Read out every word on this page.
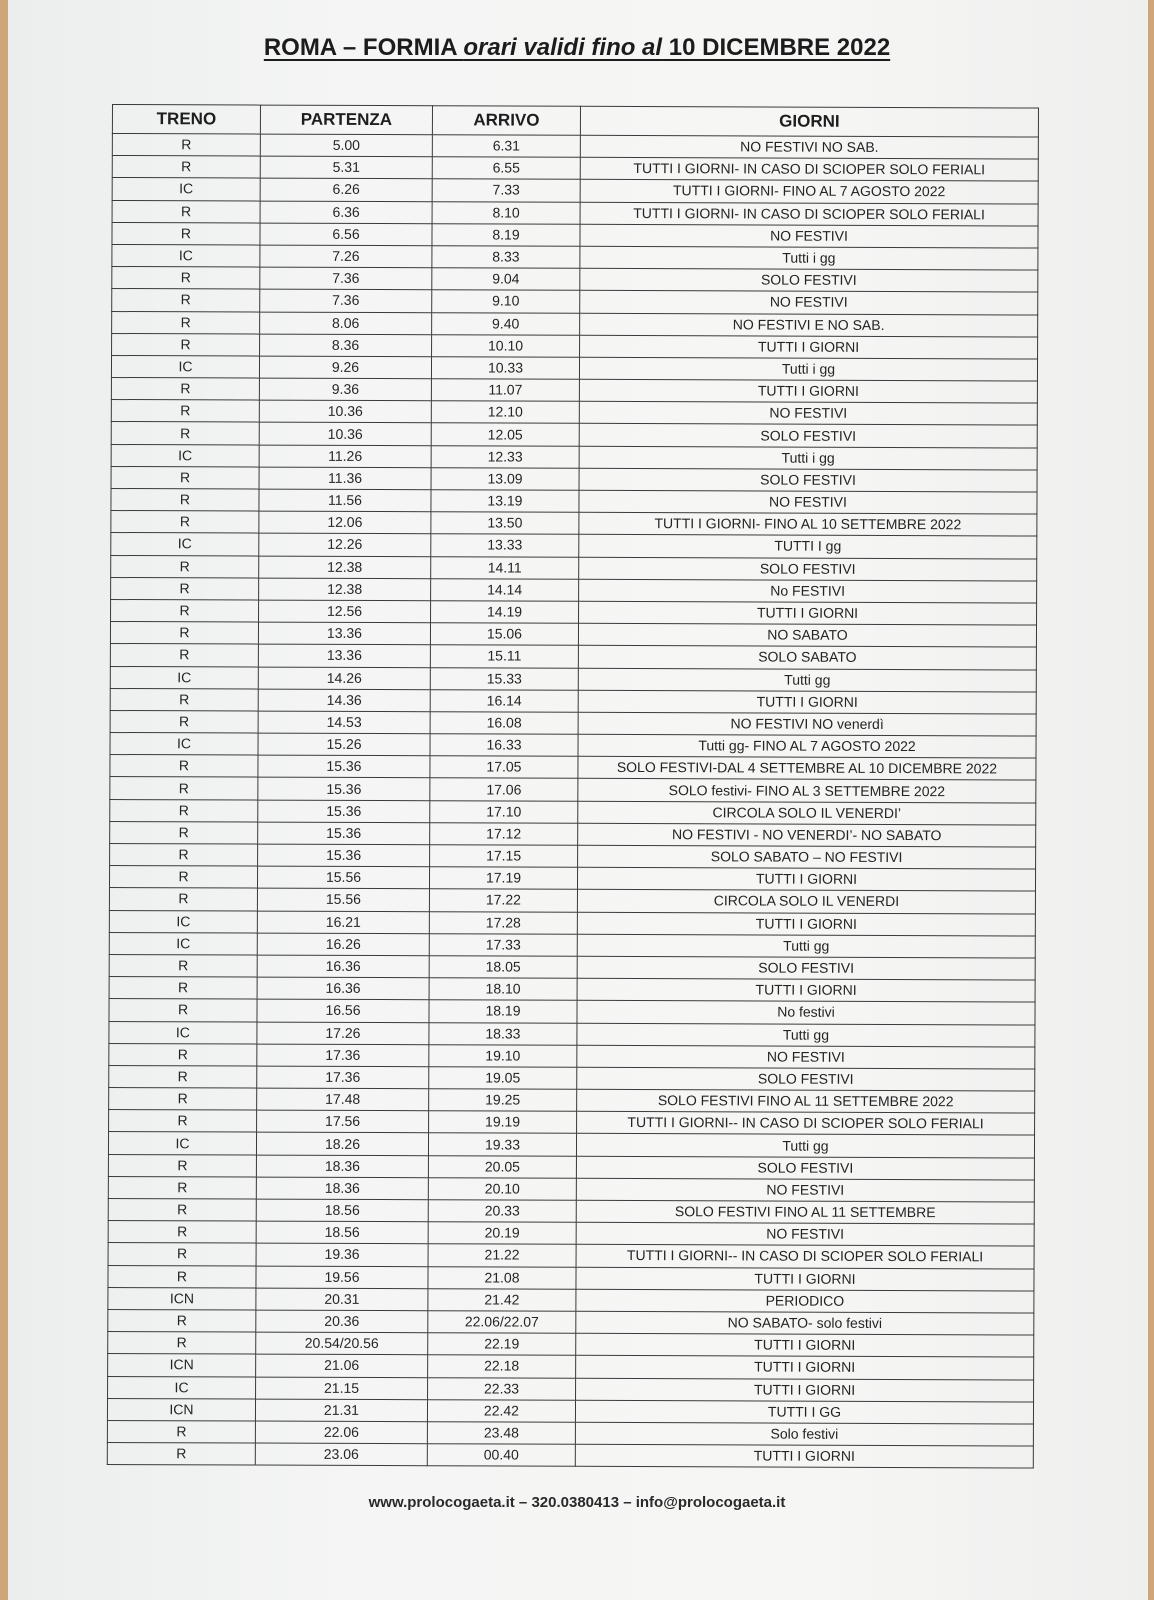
ROMA – FORMIA orari validi fino al 10 DICEMBRE 2022
TRENO	PARTENZA	ARRIVO	GIORNI
R	5.00	6.31	NO FESTIVI NO SAB.
R	5.31	6.55	TUTTI I GIORNI- IN CASO DI SCIOPER SOLO FERIALI
IC	6.26	7.33	TUTTI I GIORNI- FINO AL 7 AGOSTO 2022
R	6.36	8.10	TUTTI I GIORNI- IN CASO DI SCIOPER SOLO FERIALI
R	6.56	8.19	NO FESTIVI
IC	7.26	8.33	Tutti i gg
R	7.36	9.04	SOLO FESTIVI
R	7.36	9.10	NO FESTIVI
R	8.06	9.40	NO FESTIVI E NO SAB.
R	8.36	10.10	TUTTI I GIORNI
IC	9.26	10.33	Tutti i gg
R	9.36	11.07	TUTTI I GIORNI
R	10.36	12.10	NO FESTIVI
R	10.36	12.05	SOLO FESTIVI
IC	11.26	12.33	Tutti i gg
R	11.36	13.09	SOLO FESTIVI
R	11.56	13.19	NO FESTIVI
R	12.06	13.50	TUTTI I GIORNI- FINO AL 10 SETTEMBRE 2022
IC	12.26	13.33	TUTTI I gg
R	12.38	14.11	SOLO FESTIVI
R	12.38	14.14	No FESTIVI
R	12.56	14.19	TUTTI I GIORNI
R	13.36	15.06	NO SABATO
R	13.36	15.11	SOLO SABATO
IC	14.26	15.33	Tutti gg
R	14.36	16.14	TUTTI I GIORNI
R	14.53	16.08	NO FESTIVI NO venerdì
IC	15.26	16.33	Tutti gg- FINO AL 7 AGOSTO 2022
R	15.36	17.05	SOLO FESTIVI-DAL 4 SETTEMBRE AL 10 DICEMBRE 2022
R	15.36	17.06	SOLO festivi- FINO AL 3 SETTEMBRE 2022
R	15.36	17.10	CIRCOLA SOLO IL VENERDI’
R	15.36	17.12	NO FESTIVI - NO VENERDI’- NO SABATO
R	15.36	17.15	SOLO SABATO – NO FESTIVI
R	15.56	17.19	TUTTI I GIORNI
R	15.56	17.22	CIRCOLA SOLO IL VENERDI
IC	16.21	17.28	TUTTI I GIORNI
IC	16.26	17.33	Tutti gg
R	16.36	18.05	SOLO FESTIVI
R	16.36	18.10	TUTTI I GIORNI
R	16.56	18.19	No festivi
IC	17.26	18.33	Tutti gg
R	17.36	19.10	NO FESTIVI
R	17.36	19.05	SOLO FESTIVI
R	17.48	19.25	SOLO FESTIVI FINO AL 11 SETTEMBRE 2022
R	17.56	19.19	TUTTI I GIORNI-- IN CASO DI SCIOPER SOLO FERIALI
IC	18.26	19.33	Tutti gg
R	18.36	20.05	SOLO FESTIVI
R	18.36	20.10	NO FESTIVI
R	18.56	20.33	SOLO FESTIVI FINO AL 11 SETTEMBRE
R	18.56	20.19	NO FESTIVI
R	19.36	21.22	TUTTI I GIORNI-- IN CASO DI SCIOPER SOLO FERIALI
R	19.56	21.08	TUTTI I GIORNI
ICN	20.31	21.42	PERIODICO
R	20.36	22.06/22.07	NO SABATO- solo festivi
R	20.54/20.56	22.19	TUTTI I GIORNI
ICN	21.06	22.18	TUTTI I GIORNI
IC	21.15	22.33	TUTTI I GIORNI
ICN	21.31	22.42	TUTTI I GG
R	22.06	23.48	Solo festivi
R	23.06	00.40	TUTTI I GIORNI
www.prolocogaeta.it – 320.0380413 – info@prolocogaeta.it
